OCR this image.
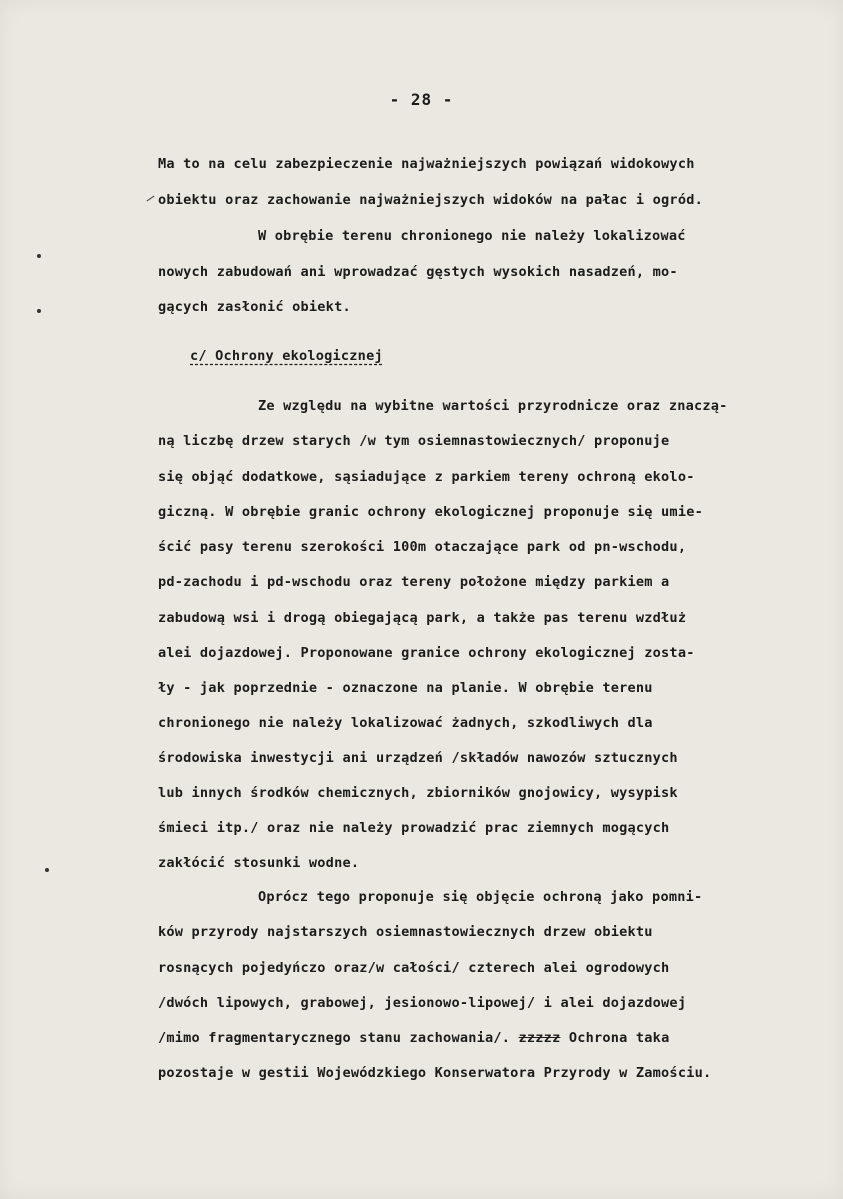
- 28 -
Ma to na celu zabezpieczenie najważniejszych powiązań widokowych
obiektu oraz zachowanie najważniejszych widoków na pałac i ogród.
W obrębie terenu chronionego nie należy lokalizować
nowych zabudowań ani wprowadzać gęstych wysokich nasadzeń, mo-
gących zasłonić obiekt.
c/ Ochrony ekologicznej
Ze względu na wybitne wartości przyrodnicze oraz znaczą-
ną liczbę drzew starych /w tym osiemnastowiecznych/ proponuje
się objąć dodatkowe, sąsiadujące z parkiem tereny ochroną ekolo-
giczną. W obrębie granic ochrony ekologicznej proponuje się umie-
ścić pasy terenu szerokości 100m otaczające park od pn-wschodu,
pd-zachodu i pd-wschodu oraz tereny położone między parkiem a
zabudową wsi i drogą obiegającą park, a także pas terenu wzdłuż
alei dojazdowej. Proponowane granice ochrony ekologicznej zosta-
ły - jak poprzednie - oznaczone na planie. W obrębie terenu
chronionego nie należy lokalizować żadnych, szkodliwych dla
środowiska inwestycji ani urządzeń /składów nawozów sztucznych
lub innych środków chemicznych, zbiorników gnojowicy, wysypisk
śmieci itp./ oraz nie należy prowadzić prac ziemnych mogących
zakłócić stosunki wodne.
Oprócz tego proponuje się objęcie ochroną jako pomni-
ków przyrody najstarszych osiemnastowiecznych drzew obiektu
rosnących pojedyńczo oraz/w całości/ czterech alei ogrodowych
/dwóch lipowych, grabowej, jesionowo-lipowej/ i alei dojazdowej
/mimo fragmentarycznego stanu zachowania/. zzzzz Ochrona taka
pozostaje w gestii Wojewódzkiego Konserwatora Przyrody w Zamościu.
